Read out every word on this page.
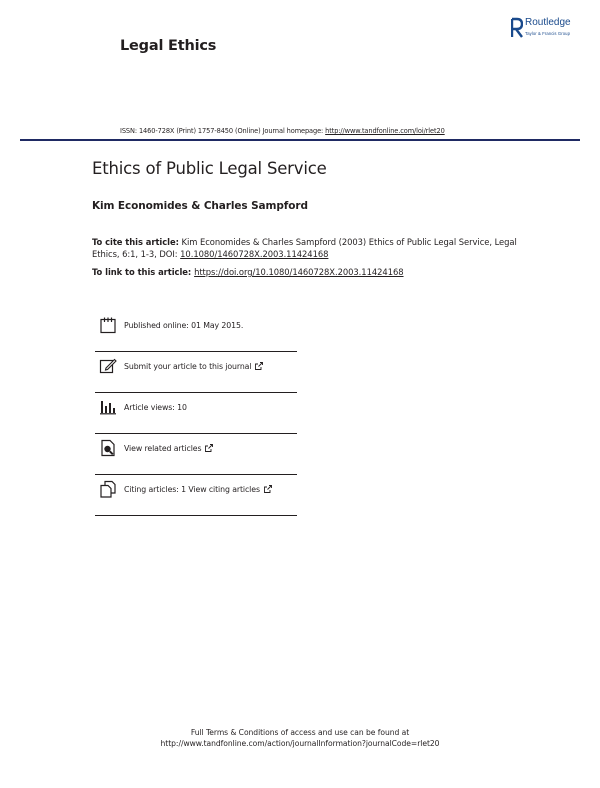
Legal Ethics
Routledge
Taylor & Francis Group
ISSN: 1460-728X (Print) 1757-8450 (Online) Journal homepage: http://www.tandfonline.com/loi/rlet20
Ethics of Public Legal Service
Kim Economides & Charles Sampford
To cite this article: Kim Economides & Charles Sampford (2003) Ethics of Public Legal Service, Legal Ethics, 6:1, 1-3, DOI: 10.1080/1460728X.2003.11424168
To link to this article: https://doi.org/10.1080/1460728X.2003.11424168
Published online: 01 May 2015.
Submit your article to this journal
Article views: 10
View related articles
Citing articles: 1 View citing articles
Full Terms & Conditions of access and use can be found at
http://www.tandfonline.com/action/journalInformation?journalCode=rlet20
